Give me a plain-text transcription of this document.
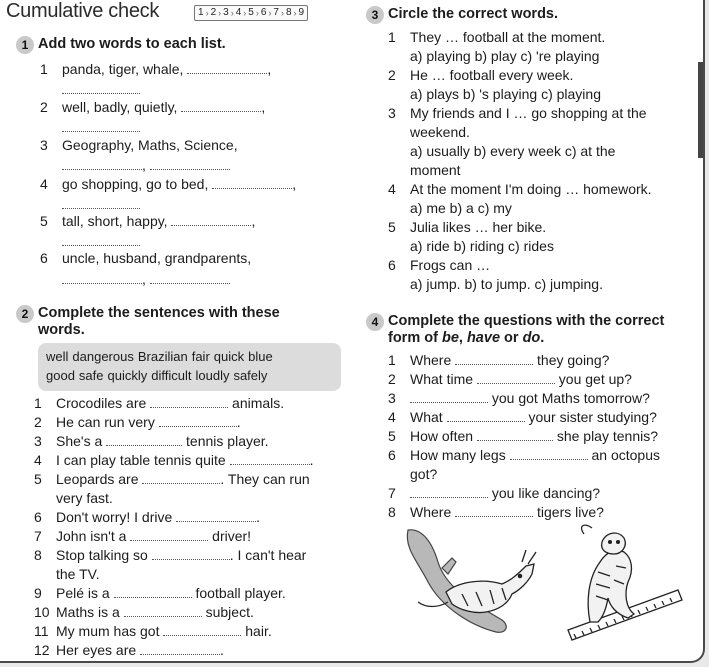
Cumulative check	1 › 2 › 3 › 4 › 5 › 6 › 7 › 8 › 9
1 Add two words to each list.
1 panda, tiger, whale,	,
2 well, badly, quietly,	,
3 Geography, Maths, Science,
,
4 go shopping, go to bed,	,
5 tall, short, happy,	,
6 uncle, husband, grandparents,
,
2 Complete the sentences with these
words.
well dangerous Brazilian fair quick blue
good safe quickly difficult loudly safely
1 Crocodiles are	animals.
2 He can run very	.
3 She's a	tennis player.
4 I can play table tennis quite	.
5 Leopards are	. They can run
very fast.
6 Don't worry! I drive	.
7 John isn't a	driver!
8 Stop talking so	. I can't hear
the TV.
9 Pelé is a	football player.
10 Maths is a	subject.
11 My mum has got	hair.
12 Her eyes are	.
3 Circle the correct words.
1 They … football at the moment.
a) playing b) play c) 're playing
2 He … football every week.
a) plays b) 's playing c) playing
3 My friends and I … go shopping at the
weekend.
a) usually b) every week c) at the
moment
4 At the moment I'm doing … homework.
a) me b) a c) my
5 Julia likes … her bike.
a) ride b) riding c) rides
6 Frogs can …
a) jump. b) to jump. c) jumping.
4 Complete the questions with the correct
form of be, have or do.
1 Where	they going?
2 What time	you get up?
3	you got Maths tomorrow?
4 What	your sister studying?
5 How often	she play tennis?
6 How many legs	an octopus
got?
7	you like dancing?
8 Where	tigers live?
